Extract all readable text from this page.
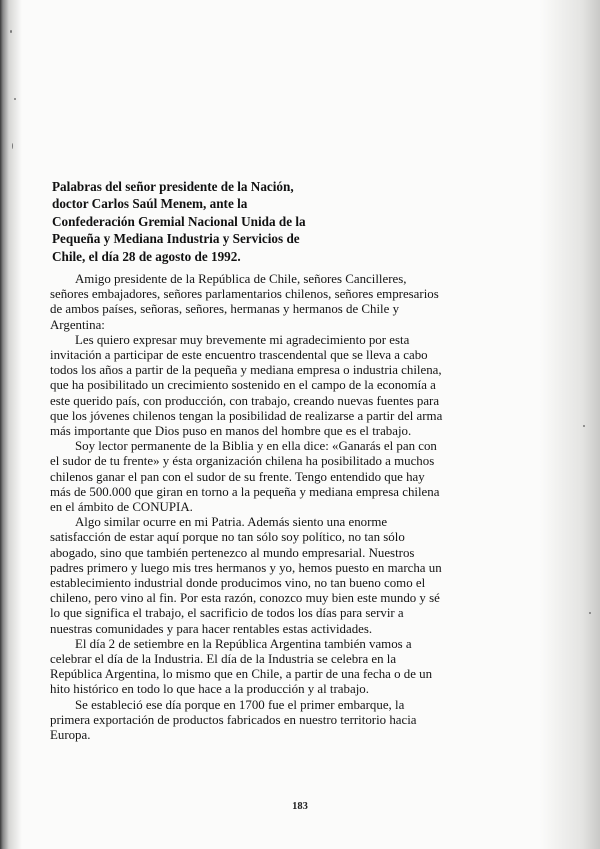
Palabras del señor presidente de la Nación,
doctor Carlos Saúl Menem, ante la
Confederación Gremial Nacional Unida de la
Pequeña y Mediana Industria y Servicios de
Chile, el día 28 de agosto de 1992.

Amigo presidente de la República de Chile, señores Cancilleres,
señores embajadores, señores parlamentarios chilenos, señores empresarios
de ambos países, señoras, señores, hermanas y hermanos de Chile y
Argentina:

Les quiero expresar muy brevemente mi agradecimiento por esta
invitación a participar de este encuentro trascendental que se lleva a cabo
todos los años a partir de la pequeña y mediana empresa o industria chilena,
que ha posibilitado un crecimiento sostenido en el campo de la economía a
este querido país, con producción, con trabajo, creando nuevas fuentes para
que los jóvenes chilenos tengan la posibilidad de realizarse a partir del arma
más importante que Dios puso en manos del hombre que es el trabajo.

Soy lector permanente de la Biblia y en ella dice: «Ganarás el pan con
el sudor de tu frente» y ésta organización chilena ha posibilitado a muchos
chilenos ganar el pan con el sudor de su frente. Tengo entendido que hay
más de 500.000 que giran en torno a la pequeña y mediana empresa chilena
en el ámbito de CONUPIA.

Algo similar ocurre en mi Patria. Además siento una enorme
satisfacción de estar aquí porque no tan sólo soy político, no tan sólo
abogado, sino que también pertenezco al mundo empresarial. Nuestros
padres primero y luego mis tres hermanos y yo, hemos puesto en marcha un
establecimiento industrial donde producimos vino, no tan bueno como el
chileno, pero vino al fin. Por esta razón, conozco muy bien este mundo y sé
lo que significa el trabajo, el sacrificio de todos los días para servir a
nuestras comunidades y para hacer rentables estas actividades.

El día 2 de setiembre en la República Argentina también vamos a
celebrar el día de la Industria. El día de la Industria se celebra en la
República Argentina, lo mismo que en Chile, a partir de una fecha o de un
hito histórico en todo lo que hace a la producción y al trabajo.

Se estableció ese día porque en 1700 fue el primer embarque, la
primera exportación de productos fabricados en nuestro territorio hacia
Europa.

183
